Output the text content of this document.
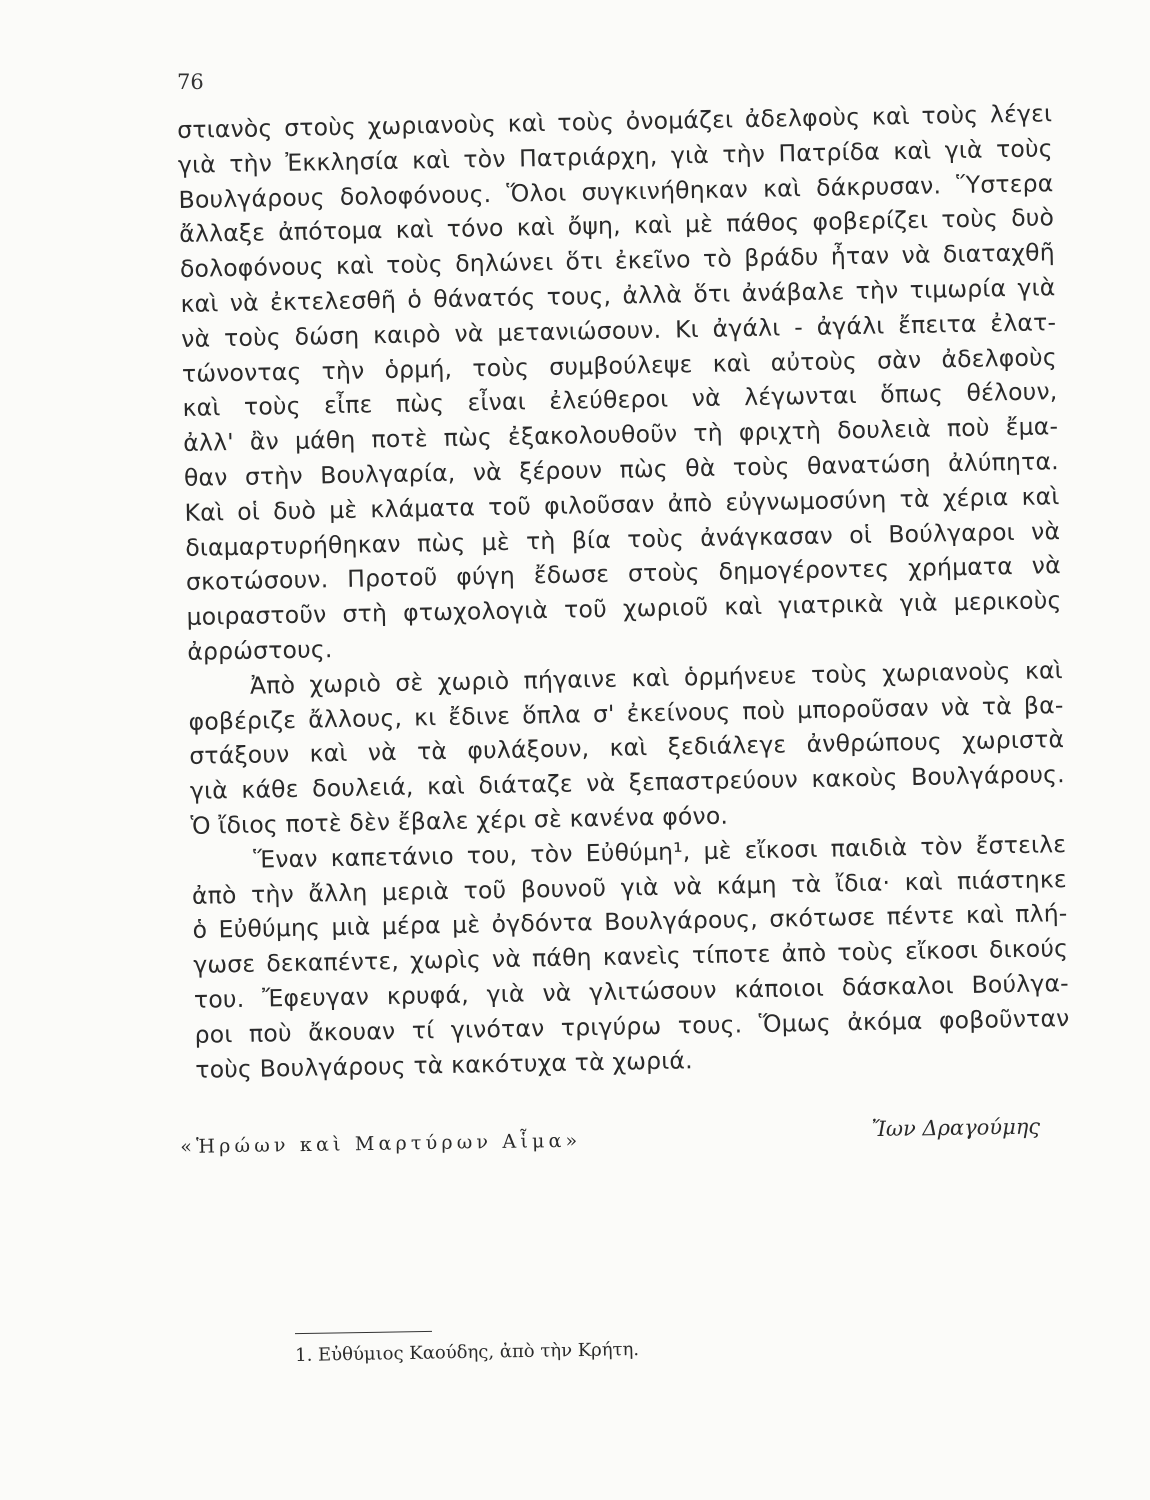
76
στιανὸς στοὺς χωριανοὺς καὶ τοὺς ὀνομάζει ἀδελφοὺς καὶ τοὺς λέγει
γιὰ τὴν Ἐκκλησία καὶ τὸν Πατριάρχη, γιὰ τὴν Πατρίδα καὶ γιὰ τοὺς
Βουλγάρους δολοφόνους. Ὅλοι συγκινήθηκαν καὶ δάκρυσαν. Ὕστερα
ἄλλαξε ἀπότομα καὶ τόνο καὶ ὄψη, καὶ μὲ πάθος φοβερίζει τοὺς δυὸ
δολοφόνους καὶ τοὺς δηλώνει ὅτι ἐκεῖνο τὸ βράδυ ἦταν νὰ διαταχθῆ
καὶ νὰ ἐκτελεσθῆ ὁ θάνατός τους, ἀλλὰ ὅτι ἀνάβαλε τὴν τιμωρία γιὰ
νὰ τοὺς δώση καιρὸ νὰ μετανιώσουν. Κι ἀγάλι - ἀγάλι ἔπειτα ἐλατ-
τώνοντας τὴν ὁρμή, τοὺς συμβούλεψε καὶ αὐτοὺς σὰν ἀδελφοὺς
καὶ τοὺς εἶπε πὼς εἶναι ἐλεύθεροι νὰ λέγωνται ὅπως θέλουν,
ἀλλ' ἂν μάθη ποτὲ πὼς ἐξακολουθοῦν τὴ φριχτὴ δουλειὰ ποὺ ἔμα-
θαν στὴν Βουλγαρία, νὰ ξέρουν πὼς θὰ τοὺς θανατώση ἀλύπητα.
Καὶ οἱ δυὸ μὲ κλάματα τοῦ φιλοῦσαν ἀπὸ εὐγνωμοσύνη τὰ χέρια καὶ
διαμαρτυρήθηκαν πὼς μὲ τὴ βία τοὺς ἀνάγκασαν οἱ Βούλγαροι νὰ
σκοτώσουν. Προτοῦ φύγη ἔδωσε στοὺς δημογέροντες χρήματα νὰ
μοιραστοῦν στὴ φτωχολογιὰ τοῦ χωριοῦ καὶ γιατρικὰ γιὰ μερικοὺς
ἀρρώστους.
Ἀπὸ χωριὸ σὲ χωριὸ πήγαινε καὶ ὁρμήνευε τοὺς χωριανοὺς καὶ
φοβέριζε ἄλλους, κι ἔδινε ὅπλα σ' ἐκείνους ποὺ μποροῦσαν νὰ τὰ βα-
στάξουν καὶ νὰ τὰ φυλάξουν, καὶ ξεδιάλεγε ἀνθρώπους χωριστὰ
γιὰ κάθε δουλειά, καὶ διάταζε νὰ ξεπαστρεύουν κακοὺς Βουλγάρους.
Ὁ ἴδιος ποτὲ δὲν ἔβαλε χέρι σὲ κανένα φόνο.
Ἕναν καπετάνιο του, τὸν Εὐθύμη¹, μὲ εἴκοσι παιδιὰ τὸν ἔστειλε
ἀπὸ τὴν ἄλλη μεριὰ τοῦ βουνοῦ γιὰ νὰ κάμη τὰ ἴδια· καὶ πιάστηκε
ὁ Εὐθύμης μιὰ μέρα μὲ ὀγδόντα Βουλγάρους, σκότωσε πέντε καὶ πλή-
γωσε δεκαπέντε, χωρὶς νὰ πάθη κανεὶς τίποτε ἀπὸ τοὺς εἴκοσι δικούς
του. Ἔφευγαν κρυφά, γιὰ νὰ γλιτώσουν κάποιοι δάσκαλοι Βούλγα-
ροι ποὺ ἄκουαν τί γινόταν τριγύρω τους. Ὅμως ἀκόμα φοβοῦνταν
τοὺς Βουλγάρους τὰ κακότυχα τὰ χωριά.
«Ἡρώων καὶ Μαρτύρων Αἷμα»
Ἴων Δραγούμης
1. Εὐθύμιος Καούδης, ἀπὸ τὴν Κρήτη.
